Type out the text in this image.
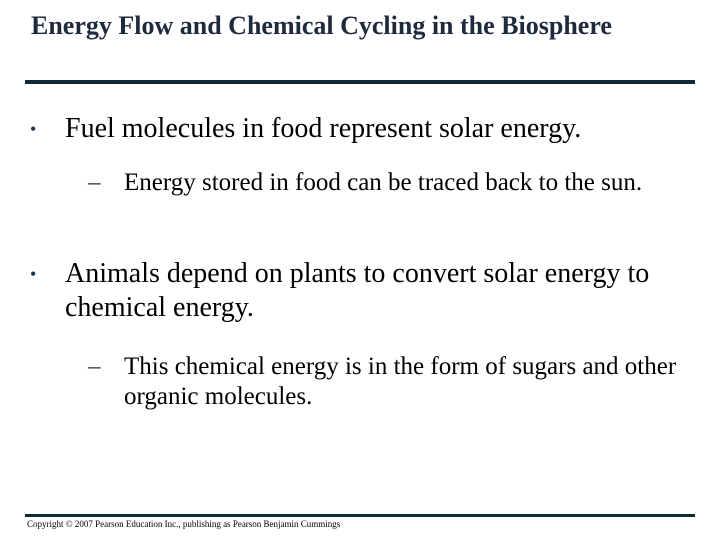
Energy Flow and Chemical Cycling in the Biosphere
• Fuel molecules in food represent solar energy.
– Energy stored in food can be traced back to the sun.
• Animals depend on plants to convert solar energy to chemical energy.
– This chemical energy is in the form of sugars and other organic molecules.
Copyright © 2007 Pearson Education Inc., publishing as Pearson Benjamin Cummings
